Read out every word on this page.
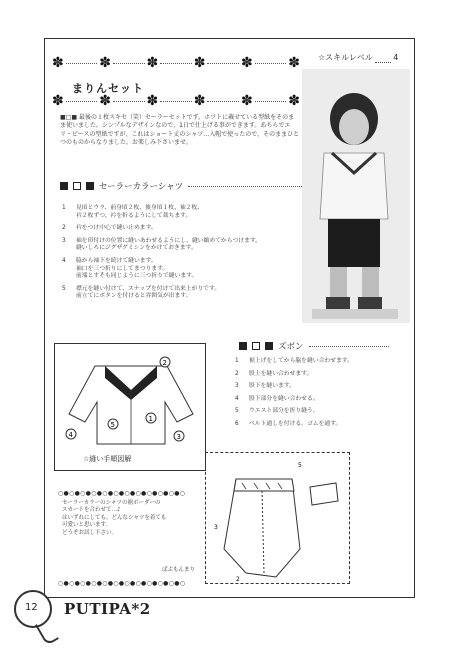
✽	✽	✽	✽	✽	✽
まりんセット
☆スキルレベル	4
✽	✽	✽	✽	✽	✽
■□■ 最後の１枚スキセ（笑）セーラーセットです。ホツトに載せている型紙をそのまま使いました。シンプルなデザインなので、1日で仕上げる事ができます。あちらでエリ・ピースの型紙ですが、これはショート丈のシャツ…入帽で使ったので、そのままひとつのものからなりました。お楽しみ下さいませ。
セーラーカラーシャツ
1	見頃とウラ、前身頃２枚、後身頃１枚、袖２枚、
衿２枚ずつ、衿を折るようにして裁ちます。
2	衿をつけ中心で縫い止めます。
3	袖を印付けの位置に縫いあわせるようにし、縫い縮めてからつけます。
縫いしろにジグザグミシンをかけておきます。
4	脇から袖下を続けて縫います。
袖口を三つ折りにしてまつります。
前端とすそも同じように三つ折りで縫います。
5	襟元を縫い付けて、スナップを付けて出来上がりです。
前立てにボタンを付けると雰囲気が出ます。
ズボン
1	裾上げをしてから脇を縫い合わせます。
2	股上を縫い合わせます。
3	股下を縫います。
4	股下部分を縫い合わせる。
5	ウエスト部分を折り縫う。
6	ベルト通しを付ける。ゴムを通す。
2
1
5
4	3
☆縫い手順図解
5
3
2
○●○●○●○●○●○●○●○●○●○●○●○
セーラーカラーのシャツの裾ボーダーの
スカートを合わせて…♪
はいずれにしても、どんなシャツを着ても
可愛いと思います。
どうぞお試し下さい。
ぱぷもんまり
○●○●○●○●○●○●○●○●○●○●○●○
12 PUTIPA*2
